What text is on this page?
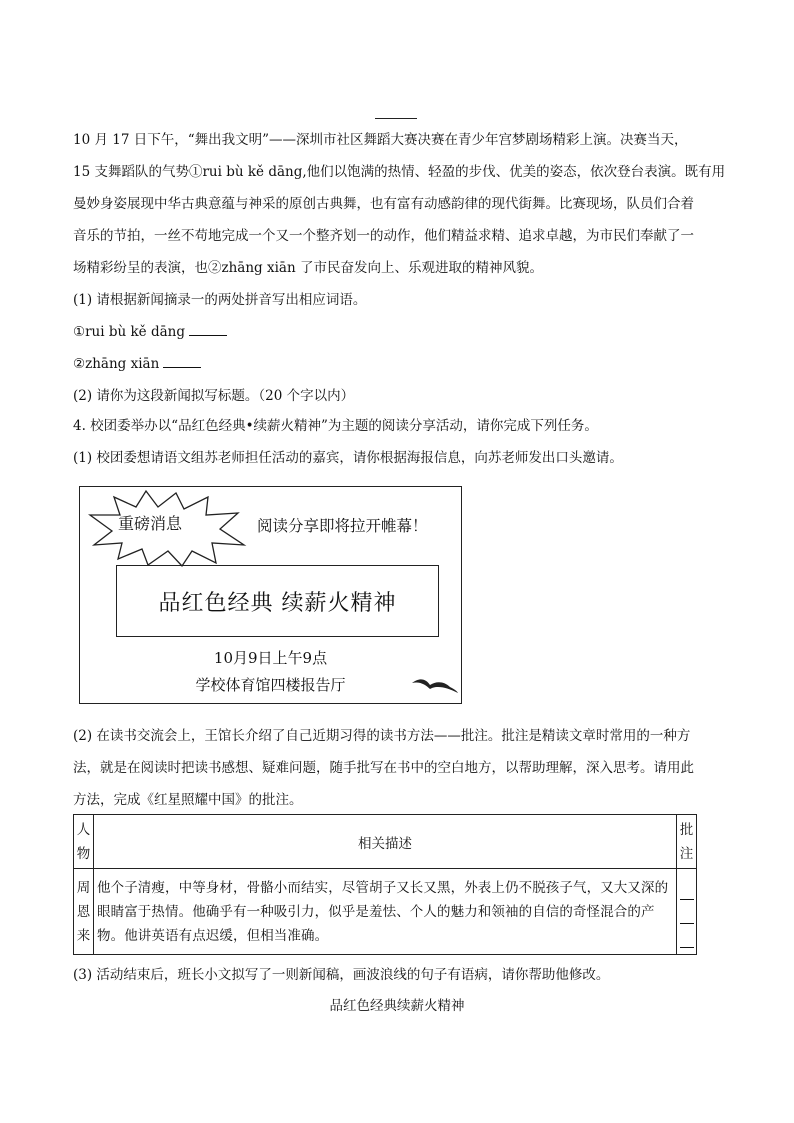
10 月 17 日下午，“舞出我文明”——深圳市社区舞蹈大赛决赛在青少年宫梦剧场精彩上演。决赛当天，
15 支舞蹈队的气势①rui bù kě dāng,他们以饱满的热情、轻盈的步伐、优美的姿态，依次登台表演。既有用
曼妙身姿展现中华古典意蕴与神采的原创古典舞，也有富有动感韵律的现代街舞。比赛现场，队员们合着
音乐的节拍，一丝不苟地完成一个又一个整齐划一的动作，他们精益求精、追求卓越，为市民们奉献了一
场精彩纷呈的表演，也②zhāng xiān 了市民奋发向上、乐观进取的精神风貌。
(1) 请根据新闻摘录一的两处拼音写出相应词语。
①rui bù kě dāng
②zhāng xiān
(2) 请你为这段新闻拟写标题。（20 个字以内）
4. 校团委举办以“品红色经典•续薪火精神”为主题的阅读分享活动，请你完成下列任务。
(1) 校团委想请语文组苏老师担任活动的嘉宾，请你根据海报信息，向苏老师发出口头邀请。
重磅消息	阅读分享即将拉开帷幕！
品红色经典 续薪火精神
10月9日上午9点
学校体育馆四楼报告厅
(2) 在读书交流会上，王馆长介绍了自己近期习得的读书方法——批注。批注是精读文章时常用的一种方
法，就是在阅读时把读书感想、疑难问题，随手批写在书中的空白地方，以帮助理解，深入思考。请用此
方法，完成《红星照耀中国》的批注。
人
物	相关描述	批
注

周
恩
来	他个子清瘦，中等身材，骨骼小而结实，尽管胡子又长又黑，外表上仍不脱孩子气，又大又深的眼睛富于热情。他确乎有一种吸引力，似乎是羞怯、个人的魅力和领袖的自信的奇怪混合的产物。他讲英语有点迟缓，但相当准确。	

(3) 活动结束后，班长小文拟写了一则新闻稿，画波浪线的句子有语病，请你帮助他修改。
品红色经典续薪火精神
